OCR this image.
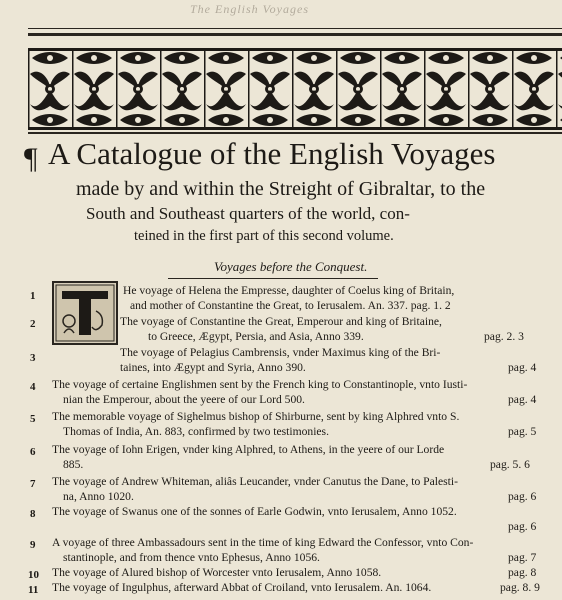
The English Voyages
¶ A Catalogue of the English Voyages
made by and within the Streight of Gibraltar, to the
South and Southeast quarters of the world, con-
teined in the first part of this second volume.
Voyages before the Conquest.
1	He voyage of Helena the Empresse, daughter of Coelus king of Britain,
and mother of Constantine the Great, to Ierusalem. An. 337. pag. 1. 2
2	The voyage of Constantine the Great, Emperour and king of Britaine,
to Greece, Ægypt, Persia, and Asia, Anno 339.	pag. 2. 3
3	The voyage of Pelagius Cambrensis, vnder Maximus king of the Bri-
taines, into Ægypt and Syria, Anno 390.	pag. 4
4 The voyage of certaine Englishmen sent by the French king to Constantinople, vnto Iusti-
nian the Emperour, about the yeere of our Lord 500.	pag. 4
5 The memorable voyage of Sighelmus bishop of Shirburne, sent by king Alphred vnto S.
Thomas of India, An. 883, confirmed by two testimonies.	pag. 5
6 The voyage of Iohn Erigen, vnder king Alphred, to Athens, in the yeere of our Lorde
885.	pag. 5. 6
7 The voyage of Andrew Whiteman, aliâs Leucander, vnder Canutus the Dane, to Palesti-
na, Anno 1020.	pag. 6
8 The voyage of Swanus one of the sonnes of Earle Godwin, vnto Ierusalem, Anno 1052.
pag. 6
9 A voyage of three Ambassadours sent in the time of king Edward the Confessor, vnto Con-
stantinople, and from thence vnto Ephesus, Anno 1056.	pag. 7
10 The voyage of Alured bishop of Worcester vnto Ierusalem, Anno 1058.	pag. 8
11 The voyage of Ingulphus, afterward Abbat of Croiland, vnto Ierusalem. An. 1064.	pag. 8. 9
